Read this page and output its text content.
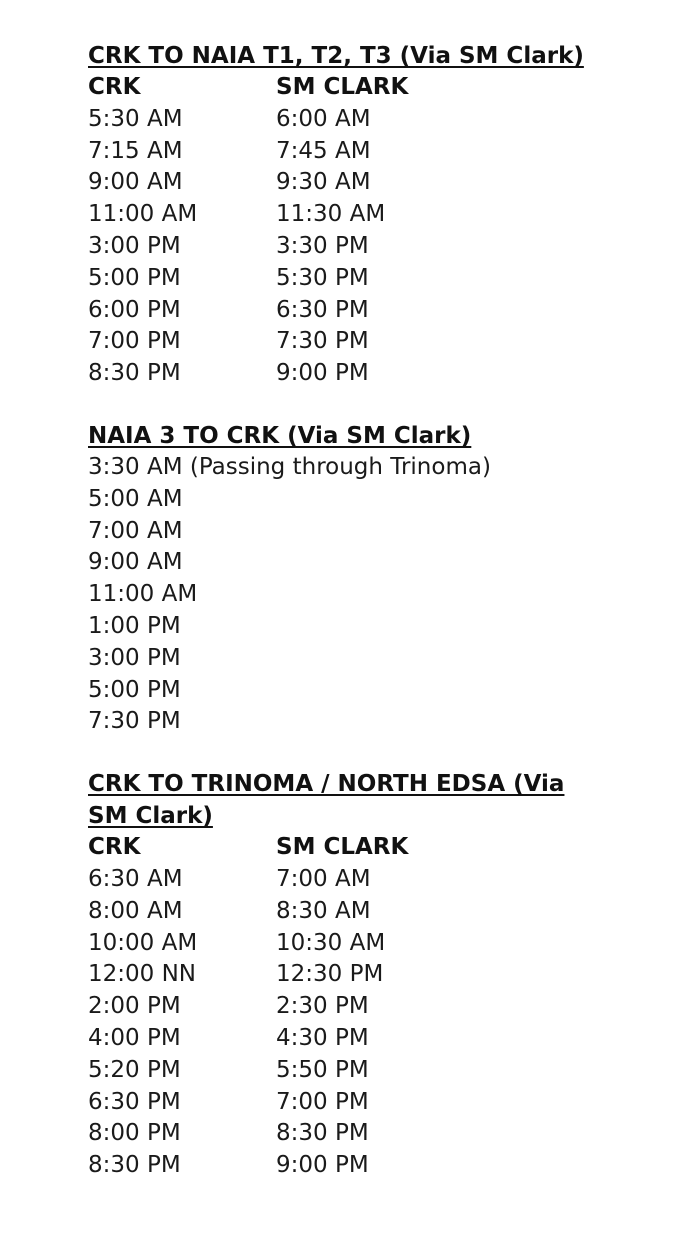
CRK TO NAIA T1, T2, T3 (Via SM Clark)
CRK	SM CLARK
5:30 AM	6:00 AM
7:15 AM	7:45 AM
9:00 AM	9:30 AM
11:00 AM	11:30 AM
3:00 PM	3:30 PM
5:00 PM	5:30 PM
6:00 PM	6:30 PM
7:00 PM	7:30 PM
8:30 PM	9:00 PM
NAIA 3 TO CRK (Via SM Clark)
3:30 AM (Passing through Trinoma)
5:00 AM
7:00 AM
9:00 AM
11:00 AM
1:00 PM
3:00 PM
5:00 PM
7:30 PM
CRK TO TRINOMA / NORTH EDSA (Via SM Clark)
CRK	SM CLARK
6:30 AM	7:00 AM
8:00 AM	8:30 AM
10:00 AM	10:30 AM
12:00 NN	12:30 PM
2:00 PM	2:30 PM
4:00 PM	4:30 PM
5:20 PM	5:50 PM
6:30 PM	7:00 PM
8:00 PM	8:30 PM
8:30 PM	9:00 PM
